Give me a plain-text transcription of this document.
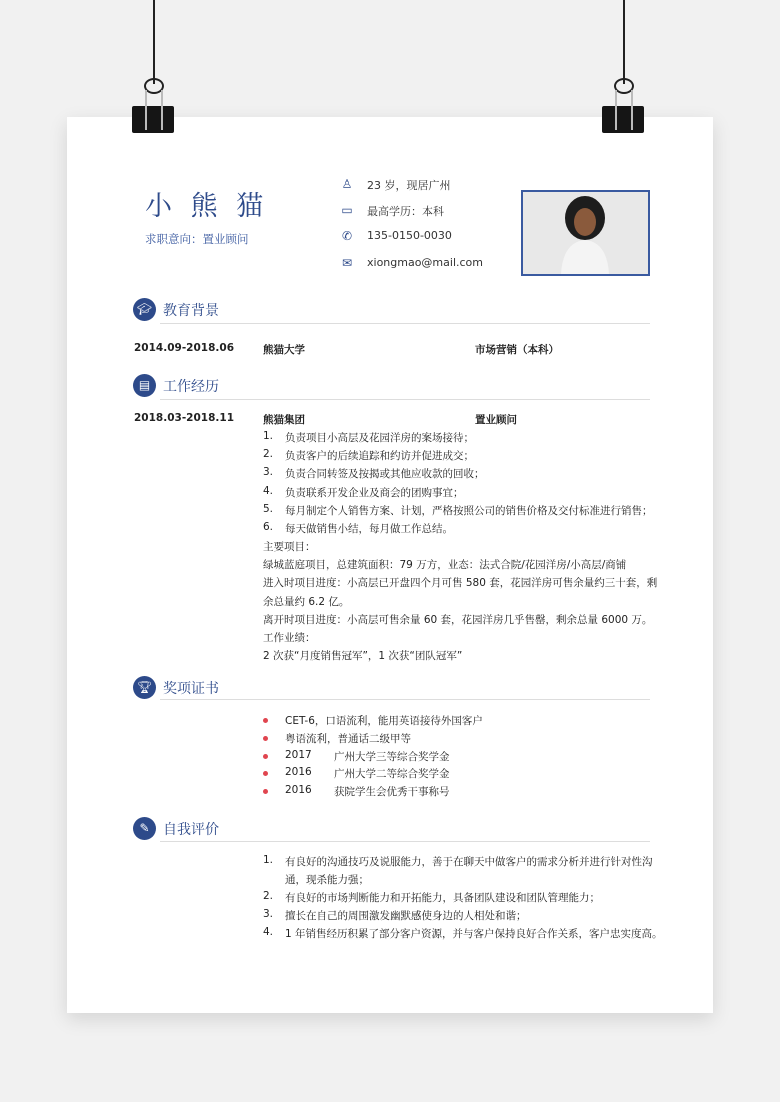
小 熊 猫
求职意向：置业顾问
♙ 23 岁，现居广州
▭ 最高学历：本科
✆ 135-0150-0030
✉ xiongmao@mail.com
🎓︎ 教育背景
2014.09-2018.06	熊猫大学	市场营销（本科）
▤ 工作经历
2018.03-2018.11	熊猫集团	置业顾问
1. 负责项目小高层及花园洋房的案场接待；
2. 负责客户的后续追踪和约访并促进成交；
3. 负责合同转签及按揭或其他应收款的回收；
4. 负责联系开发企业及商会的团购事宜；
5. 每月制定个人销售方案、计划，严格按照公司的销售价格及交付标准进行销售；
6. 每天做销售小结，每月做工作总结。
主要项目：
绿城蓝庭项目，总建筑面积：79 万方，业态：法式合院/花园洋房/小高层/商铺
进入时项目进度：小高层已开盘四个月可售 580 套，花园洋房可售余量约三十套，剩
余总量约 6.2 亿。
离开时项目进度：小高层可售余量 60 套，花园洋房几乎售罄，剩余总量 6000 万。
工作业绩：
2 次获“月度销售冠军”，1 次获“团队冠军”
🏆︎ 奖项证书
CET-6，口语流利，能用英语接待外国客户
粤语流利，普通话二级甲等
2017 广州大学三等综合奖学金
2016 广州大学二等综合奖学金
2016 获院学生会优秀干事称号
✎ 自我评价
1. 有良好的沟通技巧及说服能力，善于在聊天中做客户的需求分析并进行针对性沟
通，现杀能力强；
2. 有良好的市场判断能力和开拓能力，具备团队建设和团队管理能力；
3. 擅长在自己的周围激发幽默感使身边的人相处和谐；
4. 1 年销售经历积累了部分客户资源，并与客户保持良好合作关系，客户忠实度高。
